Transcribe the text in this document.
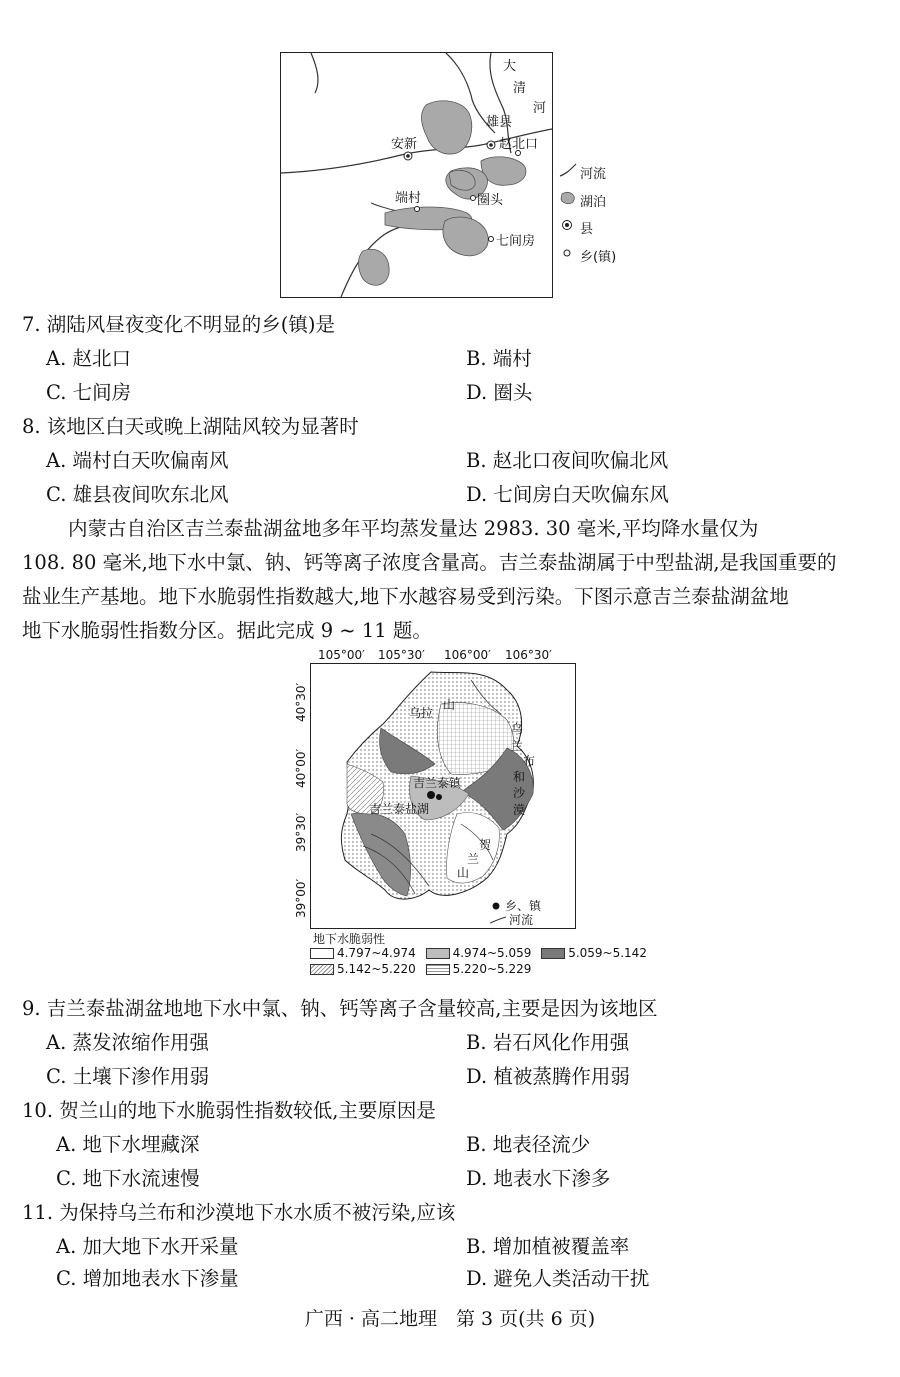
大
清
河
安新
雄县
赵北口
端村	圈头
七间房
河流
湖泊
县
乡(镇)
7. 湖陆风昼夜变化不明显的乡(镇)是
A. 赵北口	B. 端村
C. 七间房	D. 圈头
8. 该地区白天或晚上湖陆风较为显著时
A. 端村白天吹偏南风	B. 赵北口夜间吹偏北风
C. 雄县夜间吹东北风	D. 七间房白天吹偏东风
内蒙古自治区吉兰泰盐湖盆地多年平均蒸发量达 2983. 30 毫米,平均降水量仅为
108. 80 毫米,地下水中氯、钠、钙等离子浓度含量高。吉兰泰盐湖属于中型盐湖,是我国重要的
盐业生产基地。地下水脆弱性指数越大,地下水越容易受到污染。下图示意吉兰泰盐湖盆地
地下水脆弱性指数分区。据此完成 9 ~ 11 题。
105°00′ 105°30′ 106°00′ 106°30′
40°30′
40°00′
39°30′
39°00′
乌拉
山
乌
兰
布
和
沙
漠
吉兰泰镇
吉兰泰盐湖
贺
兰
山
乡、镇
河流
地下水脆弱性
4.797~4.974	4.974~5.059	5.059~5.142
5.142~5.220	5.220~5.229
9. 吉兰泰盐湖盆地地下水中氯、钠、钙等离子含量较高,主要是因为该地区
A. 蒸发浓缩作用强	B. 岩石风化作用强
C. 土壤下渗作用弱	D. 植被蒸腾作用弱
10. 贺兰山的地下水脆弱性指数较低,主要原因是
A. 地下水埋藏深	B. 地表径流少
C. 地下水流速慢	D. 地表水下渗多
11. 为保持乌兰布和沙漠地下水水质不被污染,应该
A. 加大地下水开采量	B. 增加植被覆盖率
C. 增加地表水下渗量	D. 避免人类活动干扰
广西 · 高二地理　第 3 页(共 6 页)
